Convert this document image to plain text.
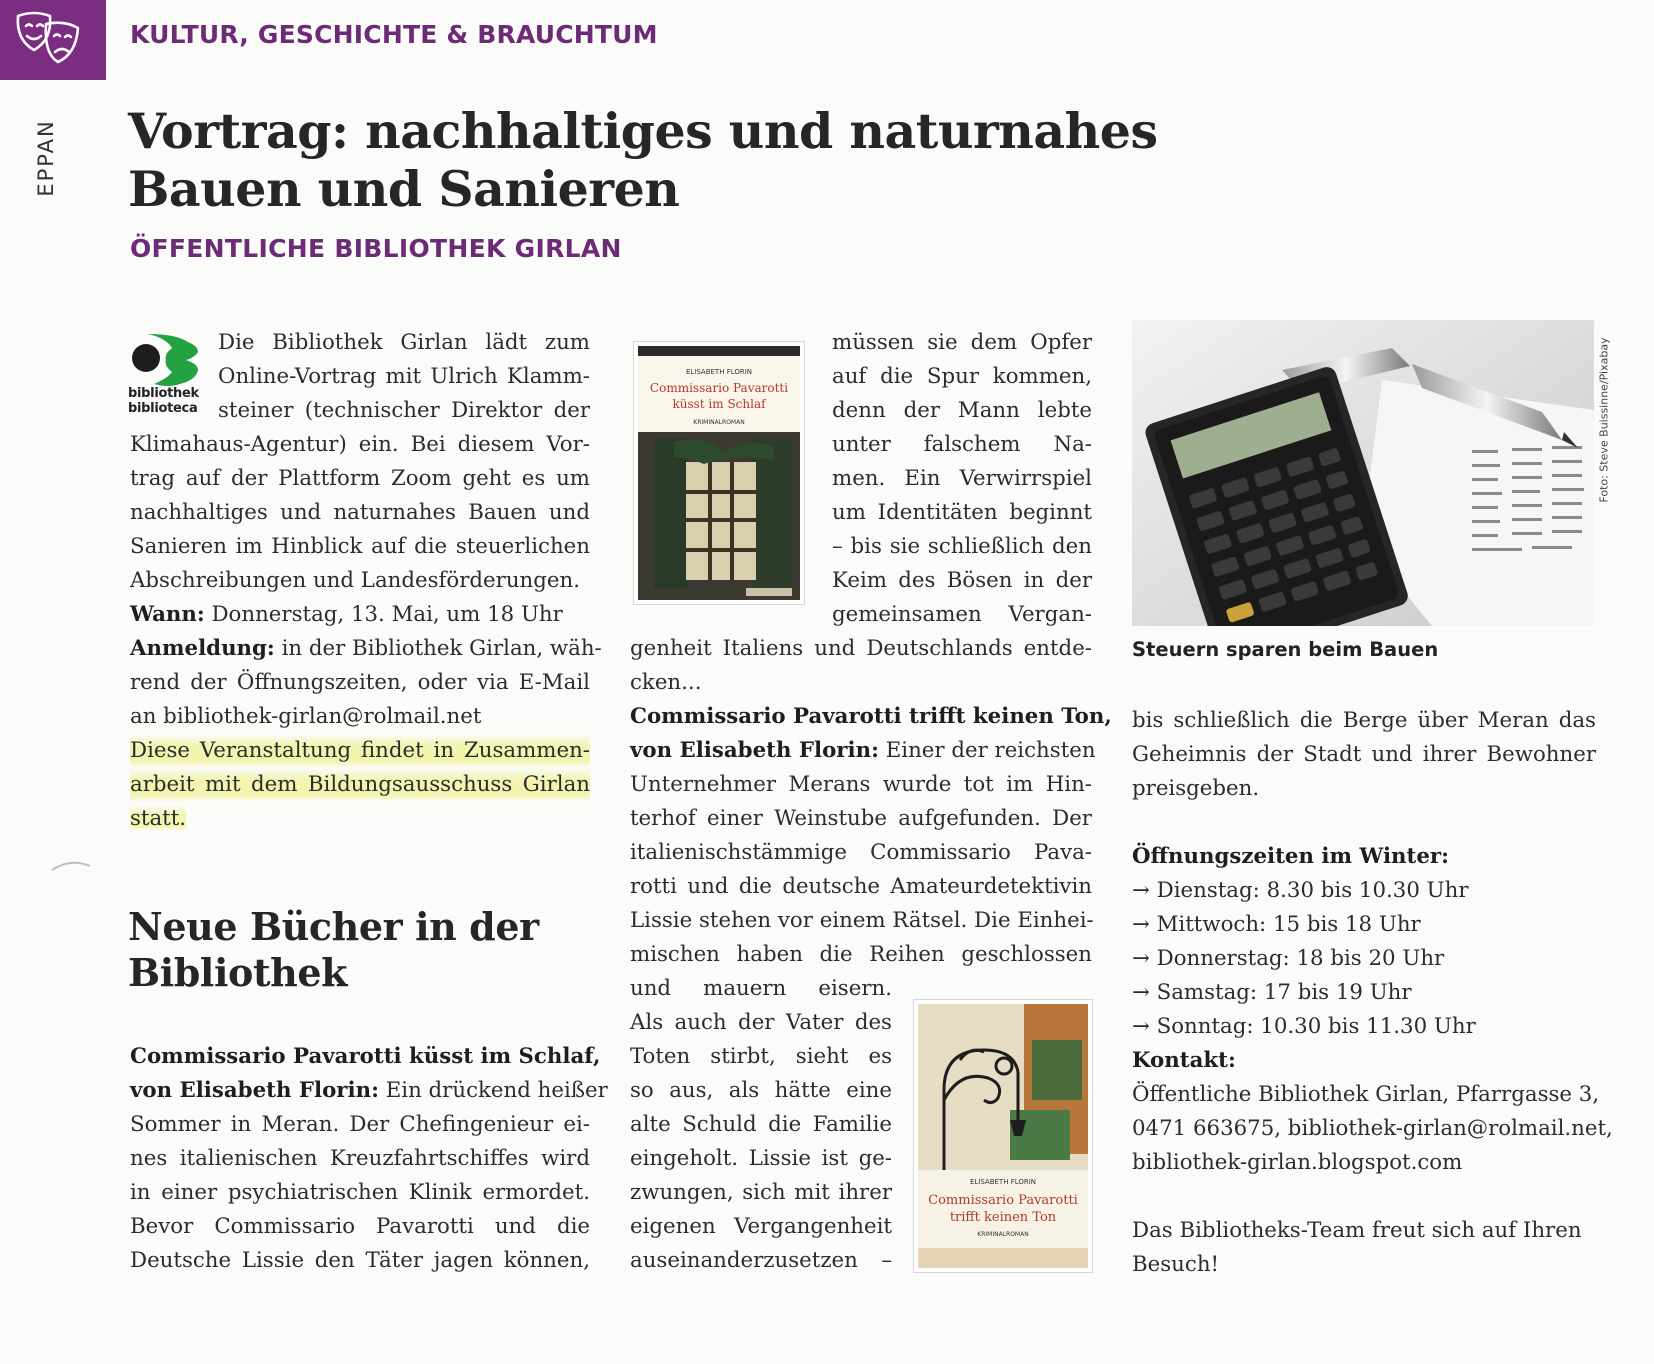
KULTUR, GESCHICHTE & BRAUCHTUM
EPPAN Vortrag: nachhaltiges und naturnahes
Bauen und Sanieren
ÖFFENTLICHE BIBLIOTHEK GIRLAN
bibliothek
biblioteca
Die Bibliothek Girlan lädt zum
Online-Vortrag mit Ulrich Klamm-
steiner (technischer Direktor der
Klimahaus-Agentur) ein. Bei diesem Vor-
trag auf der Plattform Zoom geht es um
nachhaltiges und naturnahes Bauen und
Sanieren im Hinblick auf die steuerlichen
Abschreibungen und Landesförderungen.
Wann: Donnerstag, 13. Mai, um 18 Uhr
Anmeldung: in der Bibliothek Girlan, wäh-
rend der Öffnungszeiten, oder via E-Mail
an bibliothek-girlan@rolmail.net
Diese Veranstaltung findet in Zusammen-
arbeit mit dem Bildungsausschuss Girlan
statt.
Neue Bücher in der
Bibliothek
Commissario Pavarotti küsst im Schlaf,
von Elisabeth Florin: Ein drückend heißer
Sommer in Meran. Der Chefingenieur ei-
nes italienischen Kreuzfahrtschiffes wird
in einer psychiatrischen Klinik ermordet.
Bevor Commissario Pavarotti und die
Deutsche Lissie den Täter jagen können,
ELISABETH FLORIN
Commissario Pavarotti
küsst im Schlaf
KRIMINALROMAN
müssen sie dem Opfer
auf die Spur kommen,
denn der Mann lebte
unter falschem Na-
men. Ein Verwirrspiel
um Identitäten beginnt
– bis sie schließlich den
Keim des Bösen in der
gemeinsamen Vergan-
genheit Italiens und Deutschlands entde-
cken...
Commissario Pavarotti trifft keinen Ton,
von Elisabeth Florin: Einer der reichsten
Unternehmer Merans wurde tot im Hin-
terhof einer Weinstube aufgefunden. Der
italienischstämmige Commissario Pava-
rotti und die deutsche Amateurdetektivin
Lissie stehen vor einem Rätsel. Die Einhei-
mischen haben die Reihen geschlossen
und mauern eisern.
Als auch der Vater des
Toten stirbt, sieht es
so aus, als hätte eine
alte Schuld die Familie
eingeholt. Lissie ist ge-
zwungen, sich mit ihrer
eigenen Vergangenheit
auseinanderzusetzen –
ELISABETH FLORIN
Commissario Pavarotti
trifft keinen Ton
KRIMINALROMAN
Foto: Steve Buissinne/Pixabay
Steuern sparen beim Bauen
bis schließlich die Berge über Meran das
Geheimnis der Stadt und ihrer Bewohner
preisgeben.
Öffnungszeiten im Winter:
→ Dienstag: 8.30 bis 10.30 Uhr
→ Mittwoch: 15 bis 18 Uhr
→ Donnerstag: 18 bis 20 Uhr
→ Samstag: 17 bis 19 Uhr
→ Sonntag: 10.30 bis 11.30 Uhr
Kontakt:
Öffentliche Bibliothek Girlan, Pfarrgasse 3,
0471 663675, bibliothek-girlan@rolmail.net,
bibliothek-girlan.blogspot.com
Das Bibliotheks-Team freut sich auf Ihren
Besuch!
